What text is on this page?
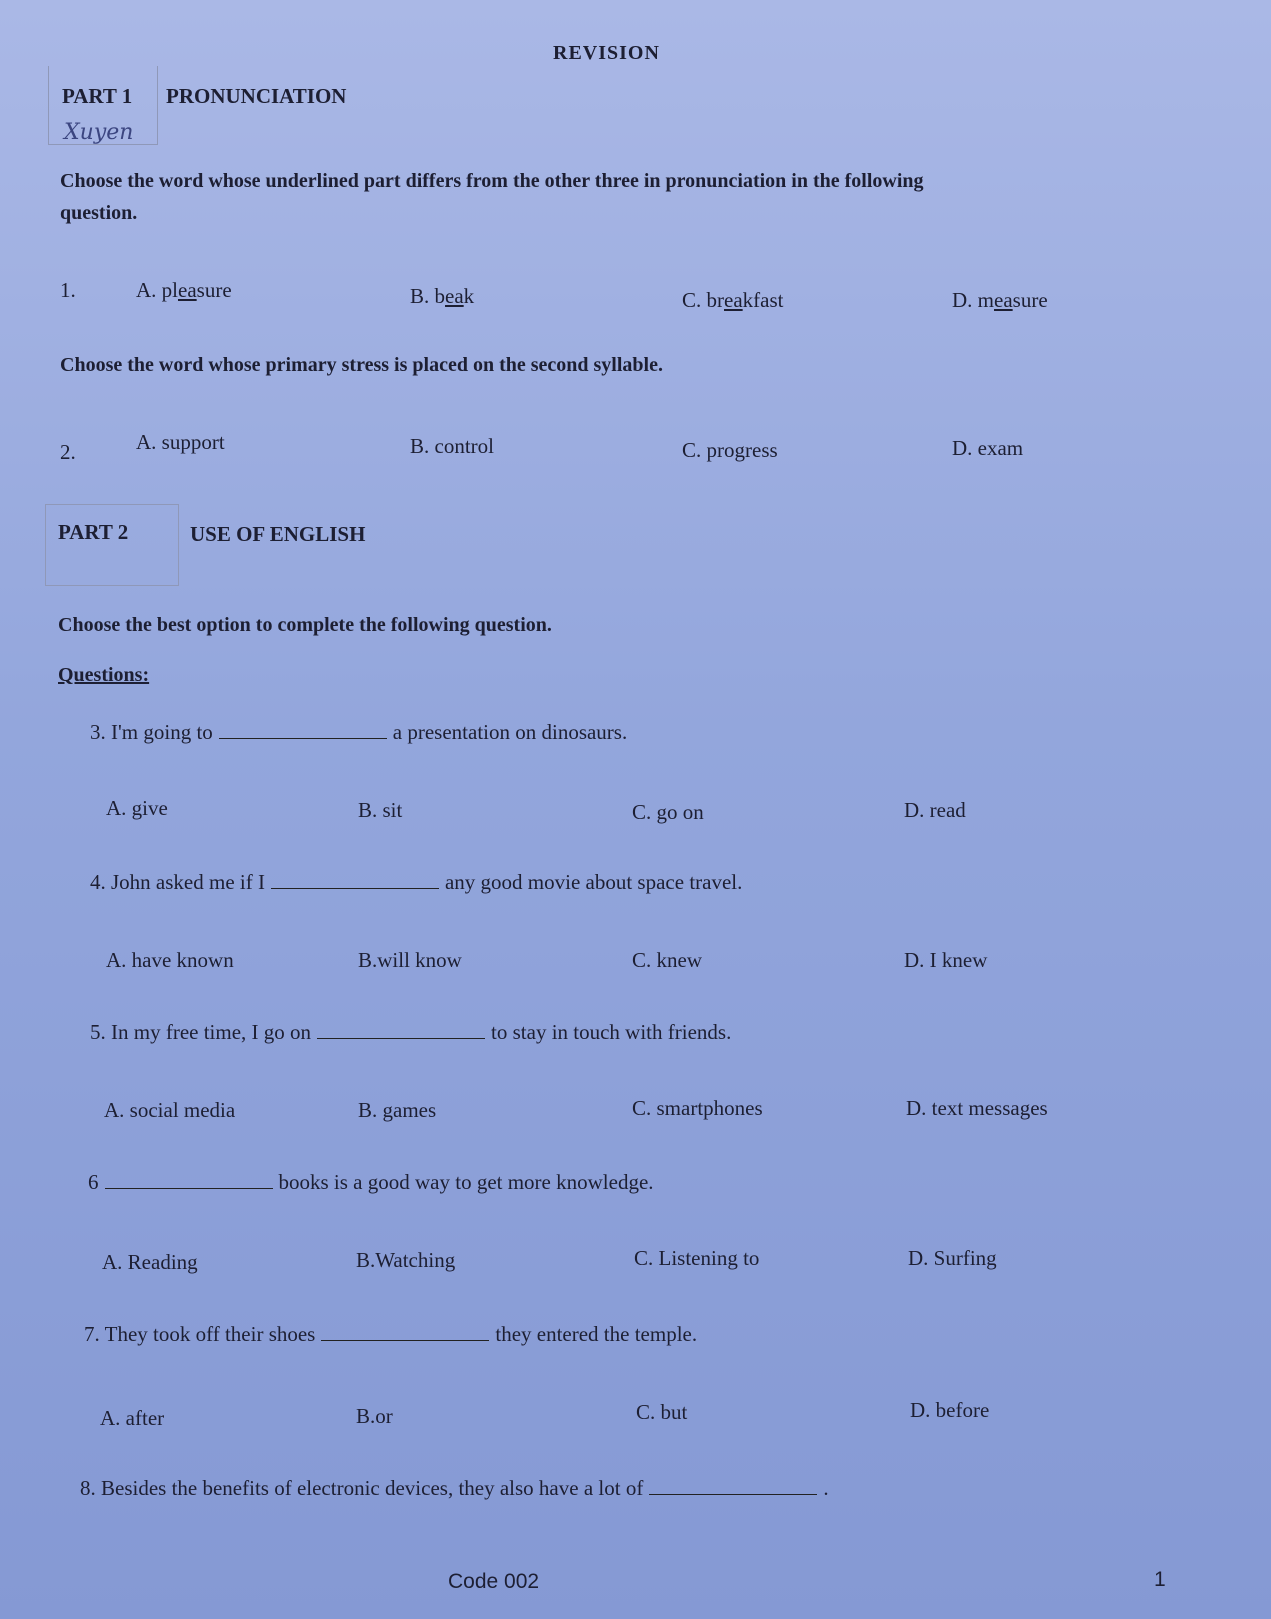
REVISION
PART 1 PRONUNCIATION
Xuyen
Choose the word whose underlined part differs from the other three in pronunciation in the following
question.
1.	A. pleasure	B. beak	C. breakfast	D. measure
Choose the word whose primary stress is placed on the second syllable.
2.	A. support	B. control	C. progress	D. exam
PART 2	USE OF ENGLISH
Choose the best option to complete the following question.
Questions:
3. I'm going to	a presentation on dinosaurs.
A. give	B. sit	C. go on	D. read
4. John asked me if I	any good movie about space travel.
A. have known	B.will know	C. knew	D. I knew
5. In my free time, I go on	to stay in touch with friends.
A. social media	B. games	C. smartphones	D. text messages
6	books is a good way to get more knowledge.
A. Reading	B.Watching	C. Listening to	D. Surfing
7. They took off their shoes	they entered the temple.
A. after	B.or	C. but	D. before
8. Besides the benefits of electronic devices, they also have a lot of	.
Code 002	1
